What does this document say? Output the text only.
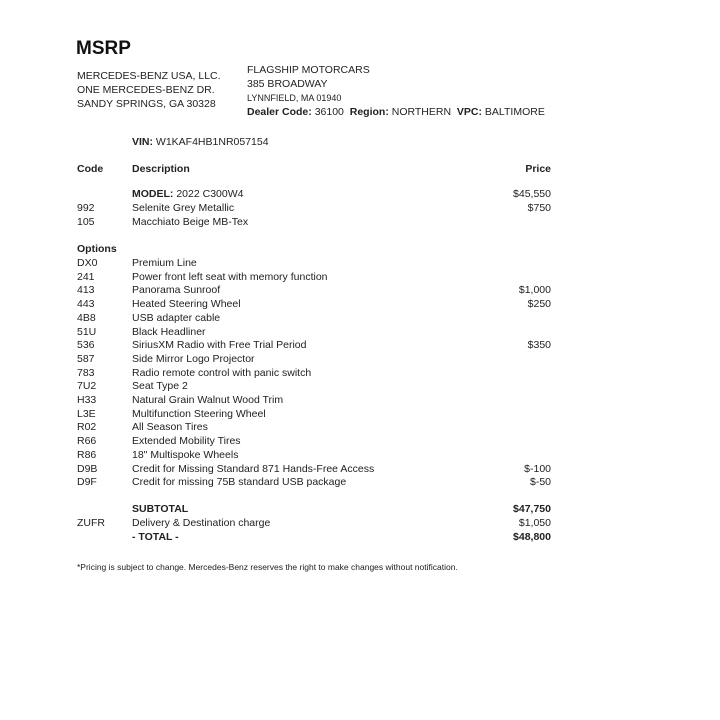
MSRP
MERCEDES-BENZ USA, LLC.
ONE MERCEDES-BENZ DR.
SANDY SPRINGS, GA 30328
FLAGSHIP MOTORCARS
385 BROADWAY
LYNNFIELD, MA 01940
Dealer Code: 36100 Region: NORTHERN VPC: BALTIMORE
VIN: W1KAF4HB1NR057154
Code	Description	Price
MODEL: 2022 C300W4	$45,550
992	Selenite Grey Metallic	$750
105	Macchiato Beige MB-Tex
Options
DX0	Premium Line
241	Power front left seat with memory function
413	Panorama Sunroof	$1,000
443	Heated Steering Wheel	$250
4B8	USB adapter cable
51U	Black Headliner
536	SiriusXM Radio with Free Trial Period	$350
587	Side Mirror Logo Projector
783	Radio remote control with panic switch
7U2	Seat Type 2
H33	Natural Grain Walnut Wood Trim
L3E	Multifunction Steering Wheel
R02	All Season Tires
R66	Extended Mobility Tires
R86	18" Multispoke Wheels
D9B	Credit for Missing Standard 871 Hands-Free Access	$-100
D9F	Credit for missing 75B standard USB package	$-50
SUBTOTAL	$47,750
ZUFR	Delivery & Destination charge	$1,050
- TOTAL -	$48,800
*Pricing is subject to change. Mercedes-Benz reserves the right to make changes without notification.
